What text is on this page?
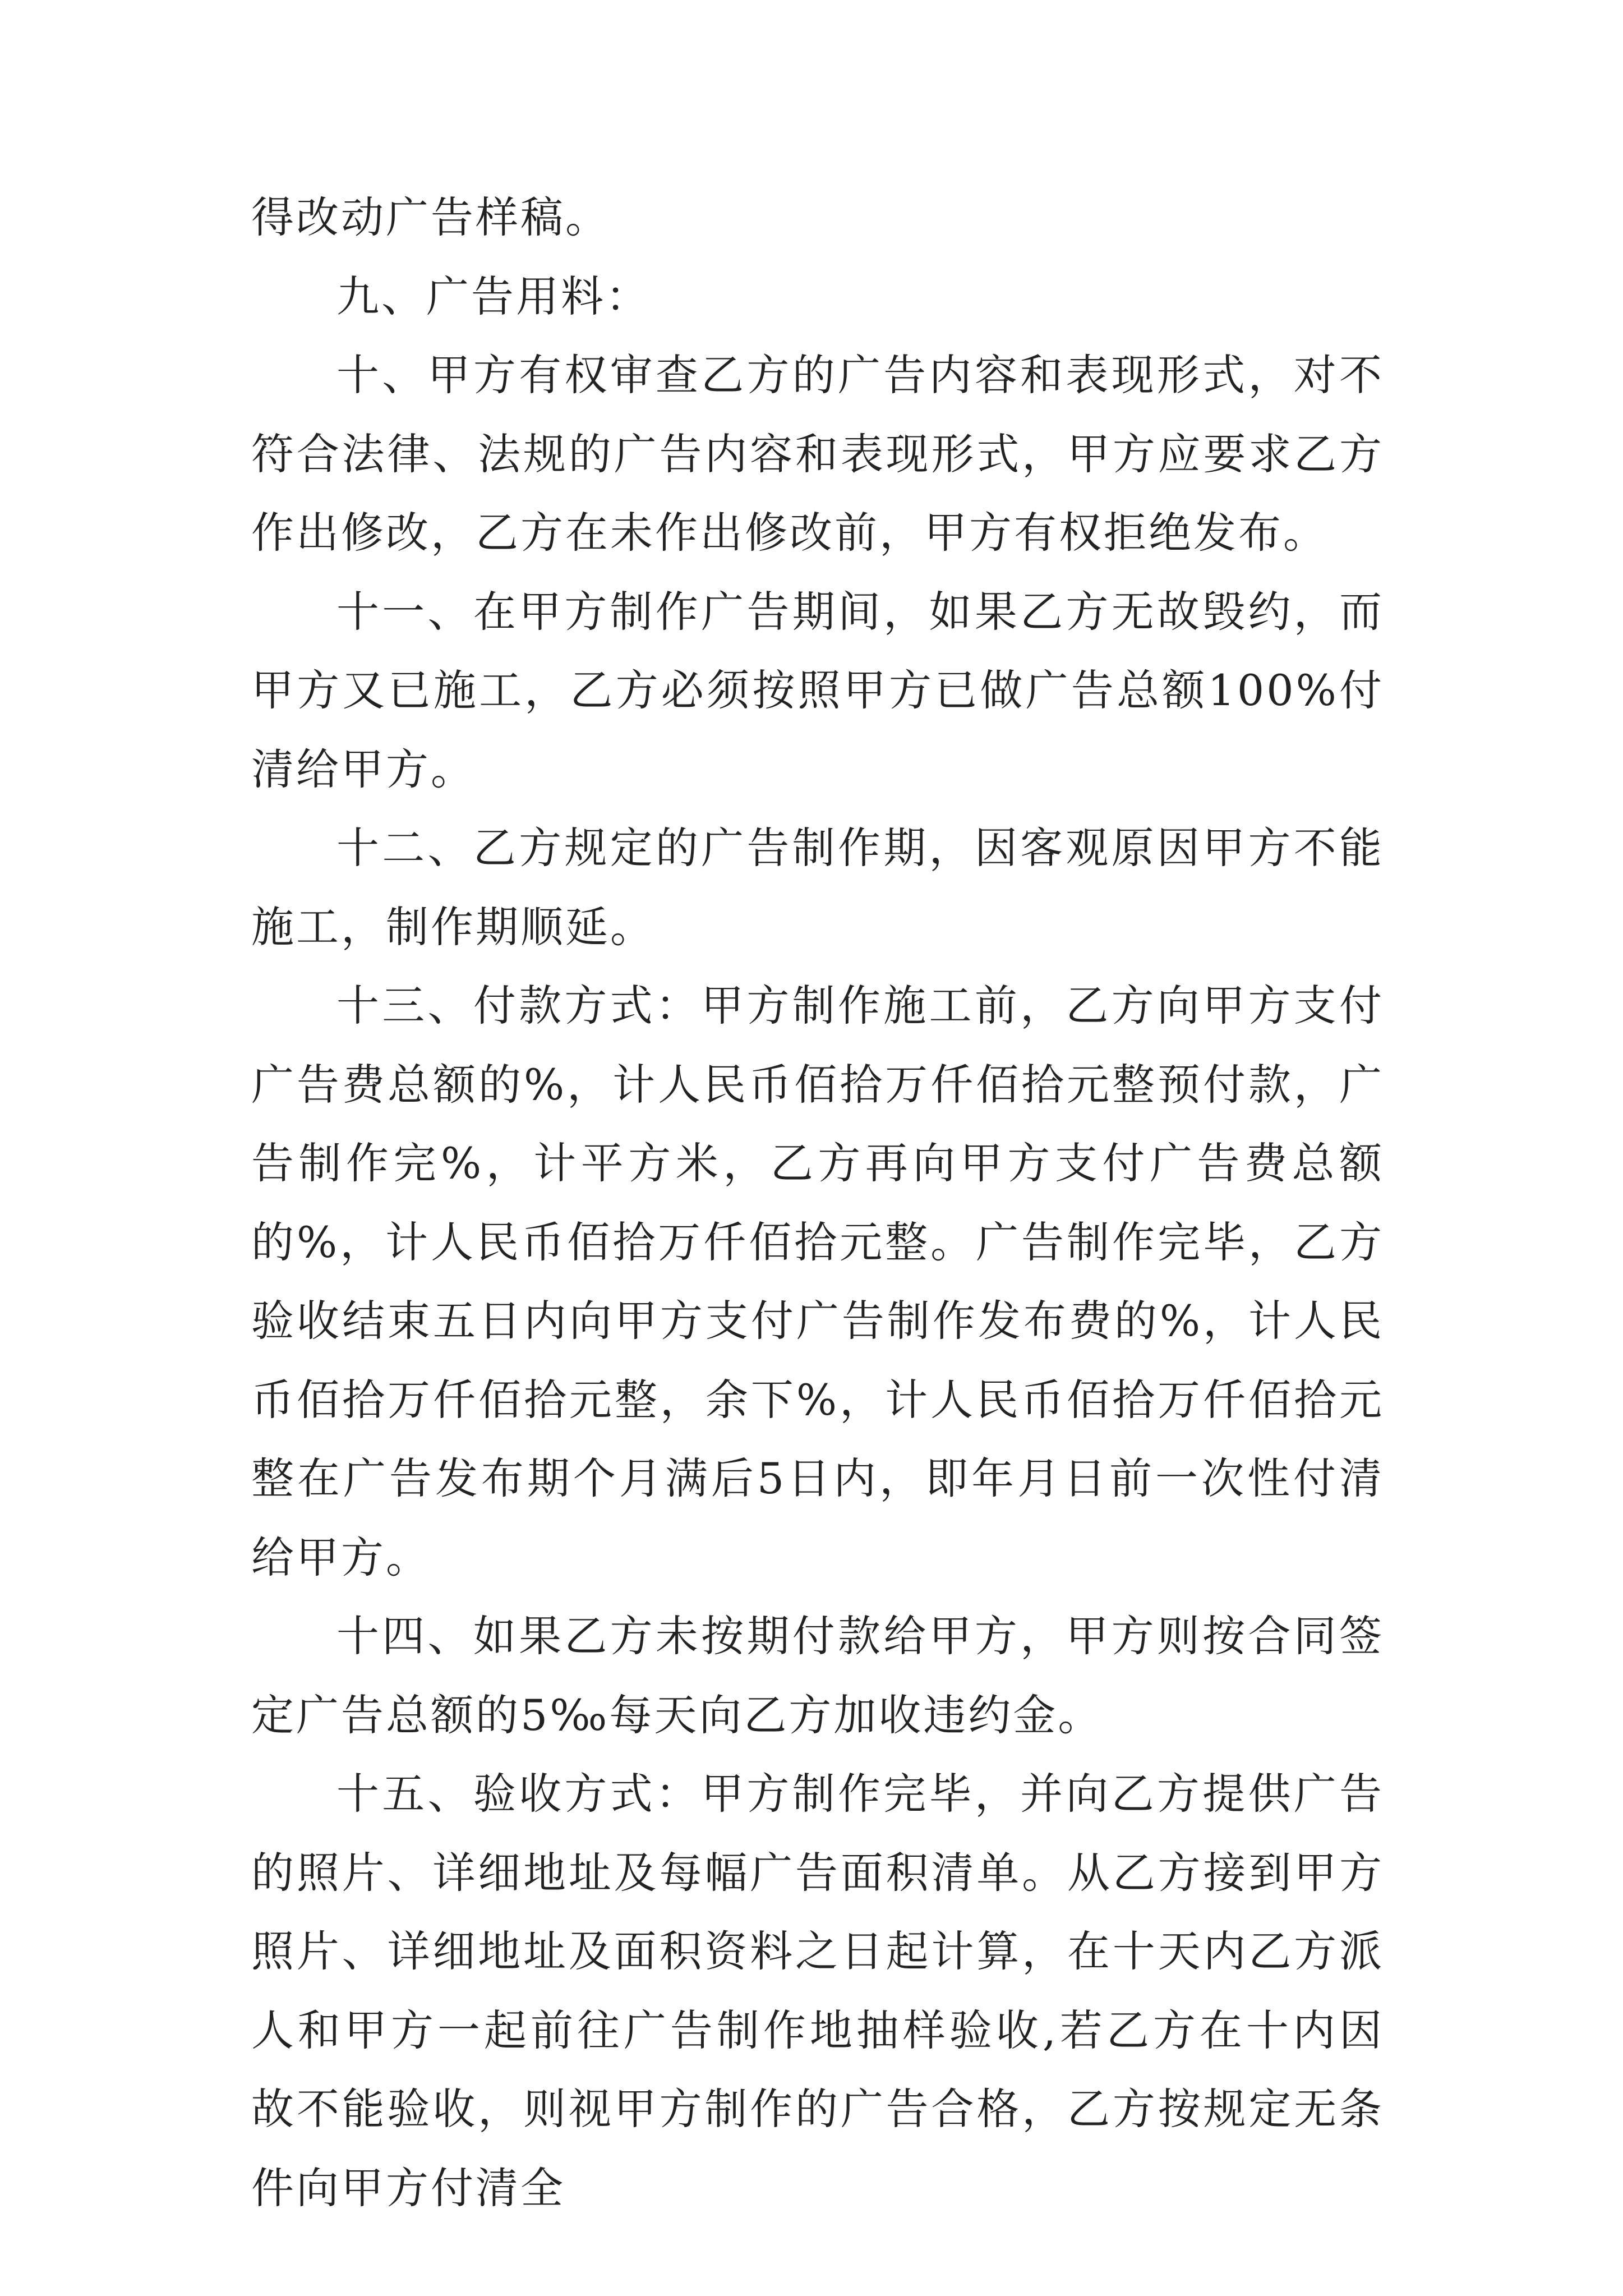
得改动广告样稿。

九、广告用料：

十、甲方有权审查乙方的广告内容和表现形式，对不符合法律、法规的广告内容和表现形式，甲方应要求乙方作出修改，乙方在未作出修改前，甲方有权拒绝发布。

十一、在甲方制作广告期间，如果乙方无故毁约，而甲方又已施工，乙方必须按照甲方已做广告总额100%付清给甲方。

十二、乙方规定的广告制作期，因客观原因甲方不能施工，制作期顺延。

十三、付款方式：甲方制作施工前，乙方向甲方支付广告费总额的%，计人民币佰拾万仟佰拾元整预付款，广告制作完%，计平方米，乙方再向甲方支付广告费总额的%，计人民币佰拾万仟佰拾元整。广告制作完毕，乙方验收结束五日内向甲方支付广告制作发布费的%，计人民币佰拾万仟佰拾元整，余下%，计人民币佰拾万仟佰拾元整在广告发布期个月满后5日内，即年月日前一次性付清给甲方。

十四、如果乙方未按期付款给甲方，甲方则按合同签定广告总额的5‰每天向乙方加收违约金。

十五、验收方式：甲方制作完毕，并向乙方提供广告的照片、详细地址及每幅广告面积清单。从乙方接到甲方照片、详细地址及面积资料之日起计算，在十天内乙方派人和甲方一起前往广告制作地抽样验收,若乙方在十内因故不能验收，则视甲方制作的广告合格，乙方按规定无条件向甲方付清全
